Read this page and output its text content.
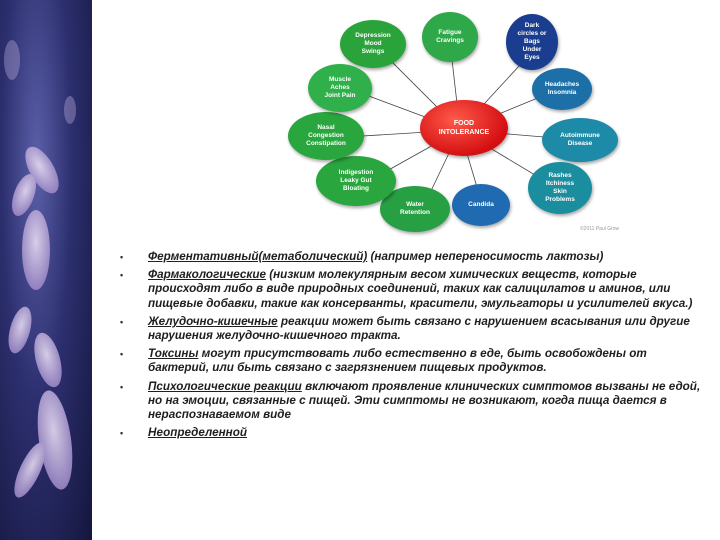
Depression
Mood
Swings
Fatigue
Cravings
Dark
circles or
Bags
Under
Eyes
Headaches
Insomnia
Autoimmune
Disease
Rashes
Itchiness
Skin
Problems
Candida
Water
Retention
Indigestion
Leaky Gut
Bloating
Nasal
Congestion
Constipation
Muscle
Aches
Joint Pain
FOOD
INTOLERANCE
©2011 Paul Grow
• Ферментативный(метаболический) (например непереносимость лактозы)
• Фармакологические (низким молекулярным весом химических веществ, которые происходят либо в виде природных соединений, таких как салицилатов и аминов, или пищевые добавки, такие как консерванты, красители, эмульгаторы и усилителей вкуса.)
• Желудочно-кишечные реакции может быть связано с нарушением всасывания или другие нарушения желудочно-кишечного тракта.
• Токсины могут присутствовать либо естественно в еде, быть освобождены от бактерий, или быть связано с загрязнением пищевых продуктов.
• Психологические реакции включают проявление клинических симптомов вызваны не едой, но на эмоции, связанные с пищей. Эти симптомы не возникают, когда пища дается в нераспознаваемом виде
• Неопределенной
